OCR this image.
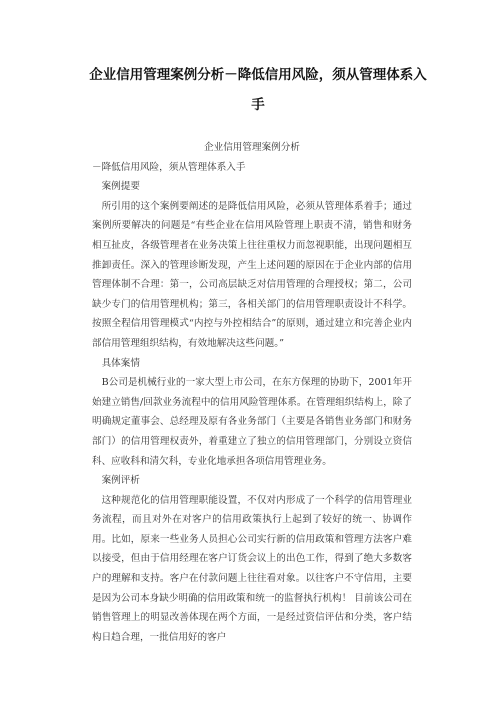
企业信用管理案例分析－降低信用风险，须从管理体系入手

企业信用管理案例分析

－降低信用风险，须从管理体系入手

案例提要

所引用的这个案例要阐述的是降低信用风险，必须从管理体系着手；通过案例所要解决的问题是“有些企业在信用风险管理上职责不清，销售和财务相互扯皮，各级管理者在业务决策上往往重权力而忽视职能，出现问题相互推卸责任。深入的管理诊断发现，产生上述问题的原因在于企业内部的信用管理体制不合理：第一，公司高层缺乏对信用管理的合理授权；第二，公司缺少专门的信用管理机构；第三，各相关部门的信用管理职责设计不科学。 按照全程信用管理模式“内控与外控相结合”的原则，通过建立和完善企业内部信用管理组织结构，有效地解决这些问题。”

具体案情

B公司是机械行业的一家大型上市公司，在东方保理的协助下，2001年开始建立销售/回款业务流程中的信用风险管理体系。在管理组织结构上，除了明确规定董事会、总经理及原有各业务部门（主要是各销售业务部门和财务部门）的信用管理权责外，着重建立了独立的信用管理部门，分别设立资信科、应收科和清欠科，专业化地承担各项信用管理业务。

案例评析

这种规范化的信用管理职能设置，不仅对内形成了一个科学的信用管理业务流程，而且对外在对客户的信用政策执行上起到了较好的统一、协调作用。比如，原来一些业务人员担心公司实行新的信用政策和管理方法客户难以接受，但由于信用经理在客户订货会议上的出色工作，得到了绝大多数客户的理解和支持。客户在付款问题上往往看对象。以往客户不守信用，主要是因为公司本身缺少明确的信用政策和统一的监督执行机构！ 目前该公司在销售管理上的明显改善体现在两个方面，一是经过资信评估和分类，客户结构日趋合理，一批信用好的客户
